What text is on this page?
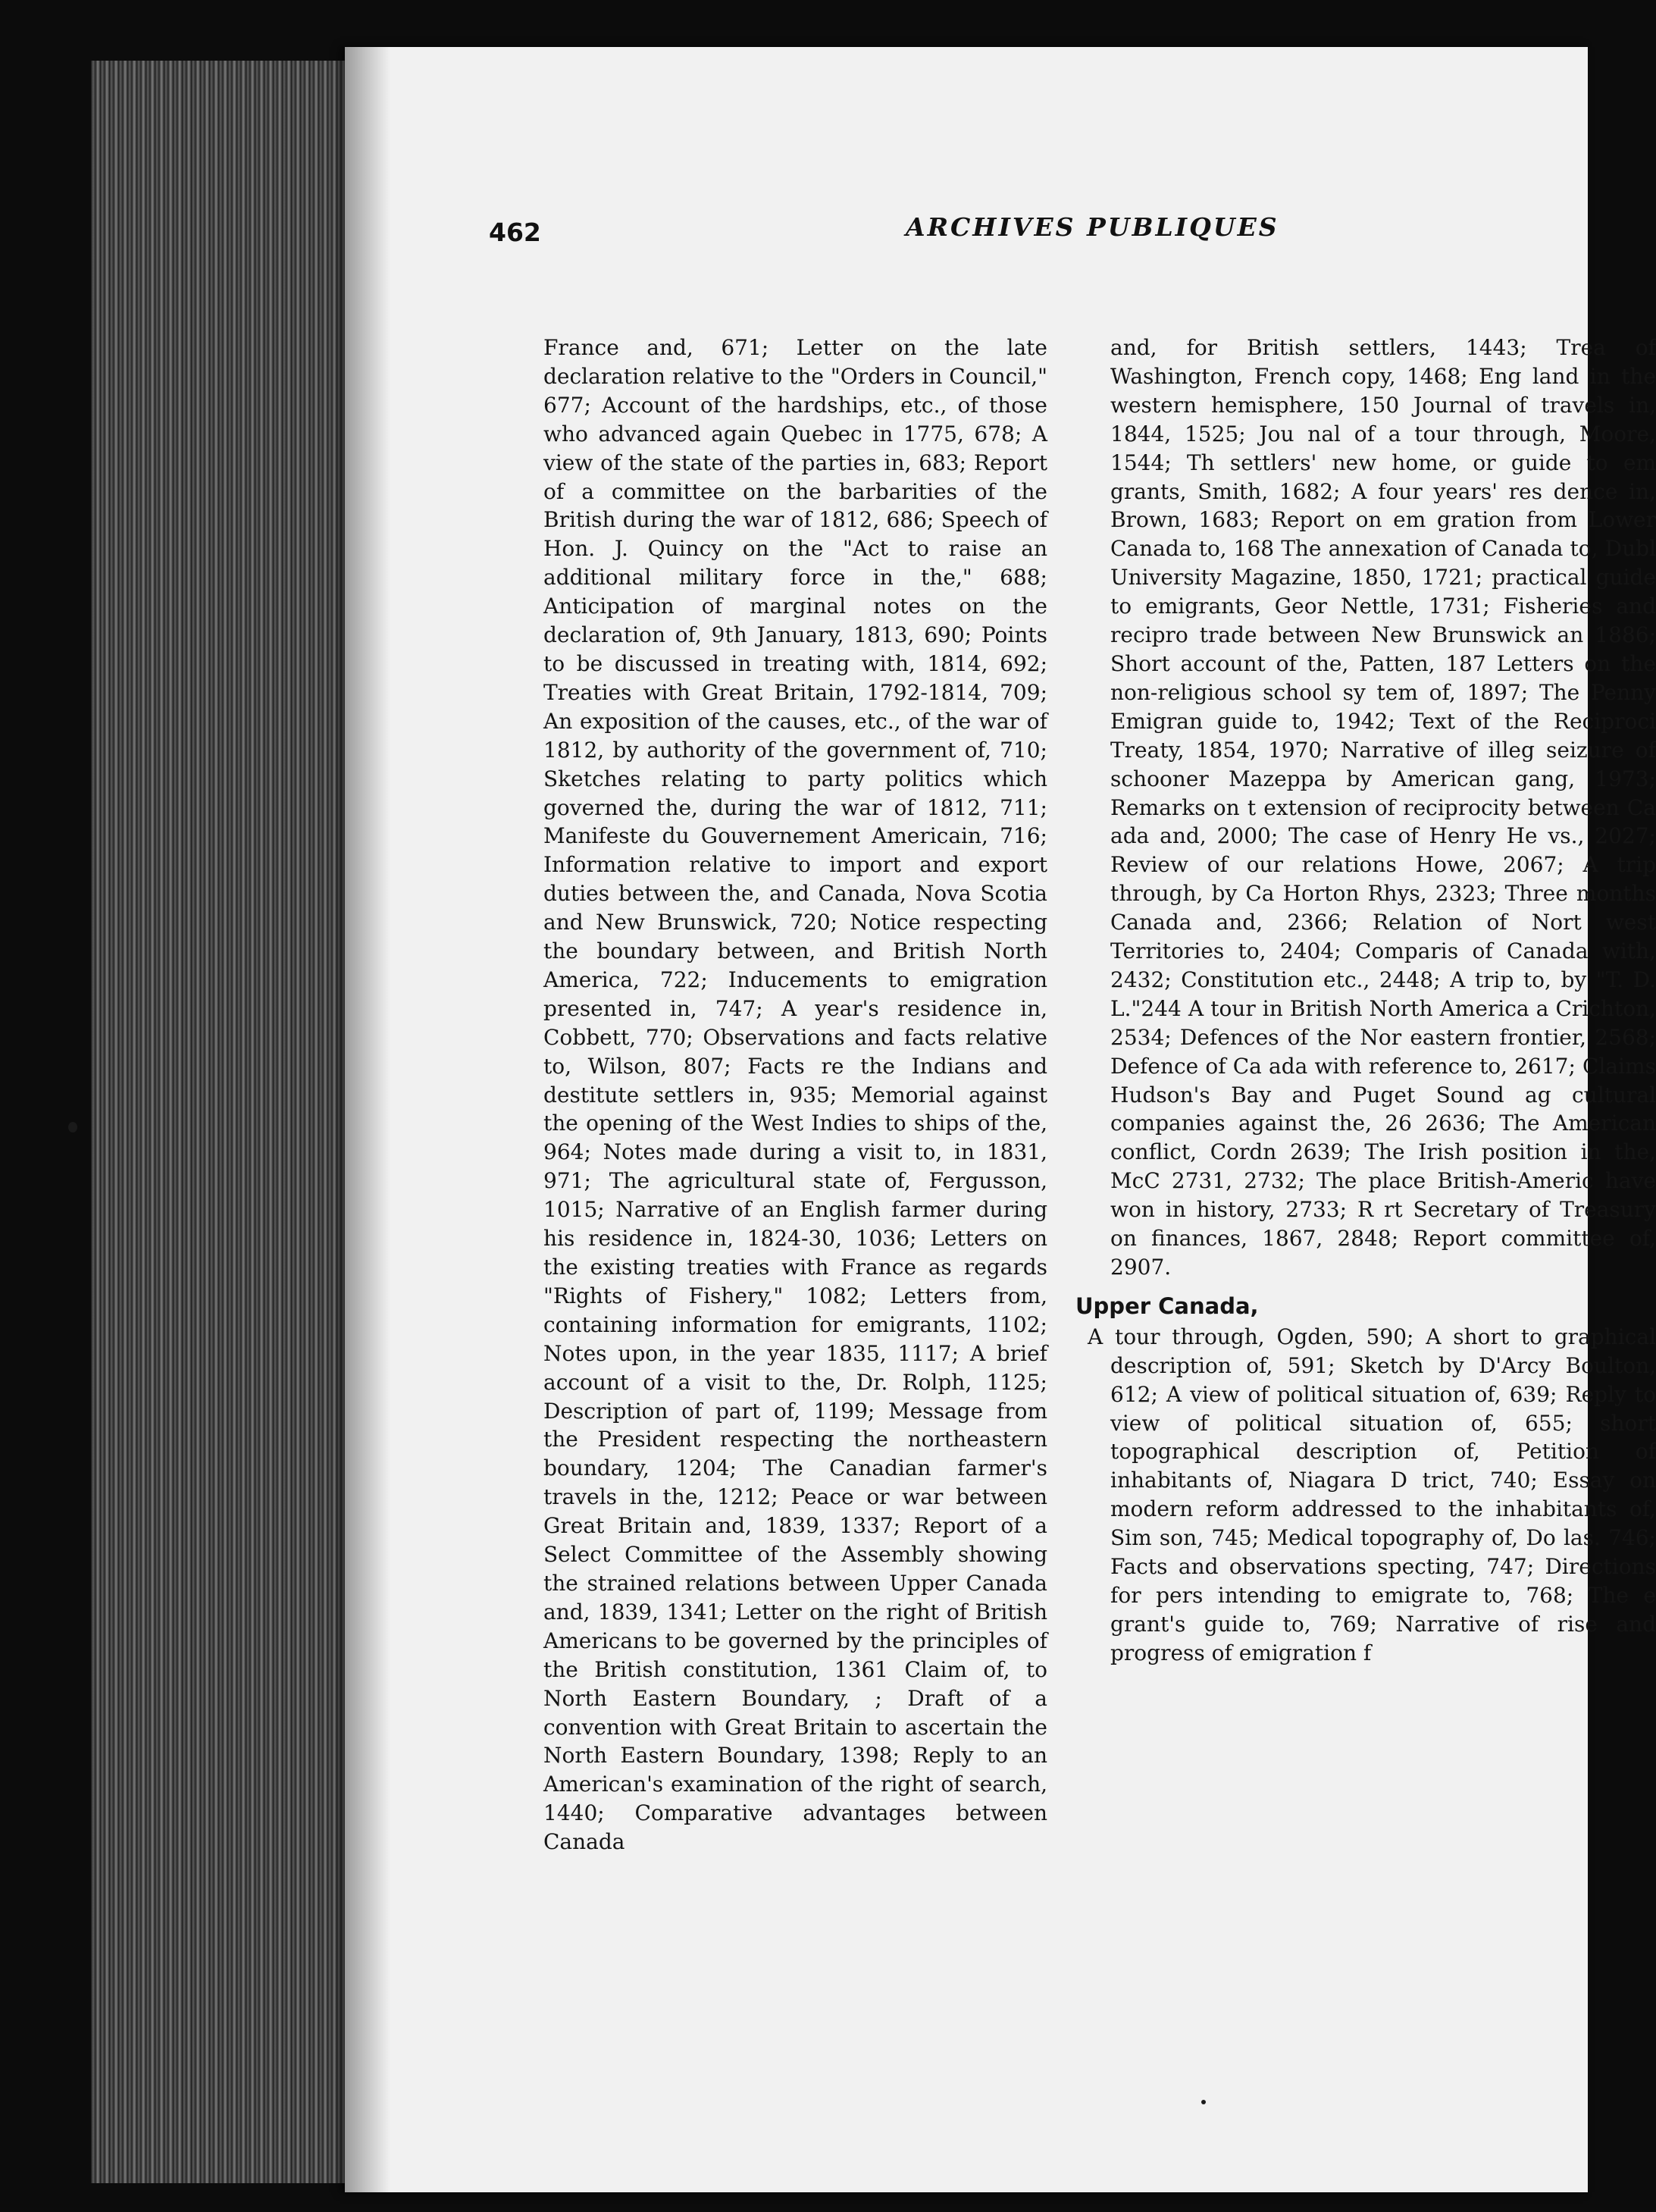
462	ARCHIVES PUBLIQUES

France and, 671; Letter on the late declaration relative to the "Orders in Council," 677; Account of the hardships, etc., of those who advanced again Quebec in 1775, 678; A view of the state of the parties in, 683; Report of a committee on the barbarities of the British during the war of 1812, 686; Speech of Hon. J. Quincy on the "Act to raise an additional military force in the," 688; Anticipation of marginal notes on the declaration of, 9th January, 1813, 690; Points to be discussed in treating with, 1814, 692; Treaties with Great Britain, 1792-1814, 709; An exposition of the causes, etc., of the war of 1812, by authority of the government of, 710; Sketches relating to party politics which governed the, during the war of 1812, 711; Manifeste du Gouvernement Americain, 716; Information relative to import and export duties between the, and Canada, Nova Scotia and New Brunswick, 720; Notice respecting the boundary between, and British North America, 722; Inducements to emigration presented in, 747; A year's residence in, Cobbett, 770; Observations and facts relative to, Wilson, 807; Facts re the Indians and destitute settlers in, 935; Memorial against the opening of the West Indies to ships of the, 964; Notes made during a visit to, in 1831, 971; The agricultural state of, Fergusson, 1015; Narrative of an English farmer during his residence in, 1824-30, 1036; Letters on the existing treaties with France as regards "Rights of Fishery," 1082; Letters from, containing information for emigrants, 1102; Notes upon, in the year 1835, 1117; A brief account of a visit to the, Dr. Rolph, 1125; Description of part of, 1199; Message from the President respecting the northeastern boundary, 1204; The Canadian farmer's travels in the, 1212; Peace or war between Great Britain and, 1839, 1337; Report of a Select Committee of the Assembly showing the strained relations between Upper Canada and, 1839, 1341; Letter on the right of British Americans to be governed by the principles of the British constitution, 1361 Claim of, to North Eastern Boundary, ; Draft of a convention with Great Britain to ascertain the North Eastern Boundary, 1398; Reply to an American's examination of the right of search, 1440; Comparative advantages between Canada

and, for British settlers, 1443; Trea of Washington, French copy, 1468; Eng land in the western hemisphere, 150 Journal of travels in, 1844, 1525; Jou nal of a tour through, Moore, 1544; Th settlers' new home, or guide to em grants, Smith, 1682; A four years' res dence in, Brown, 1683; Report on em gration from Lower Canada to, 168 The annexation of Canada to, Dubl University Magazine, 1850, 1721; practical guide to emigrants, Geor Nettle, 1731; Fisheries and recipro trade between New Brunswick an 1886; Short account of the, Patten, 187 Letters on the non-religious school sy tem of, 1897; The Penny Emigran guide to, 1942; Text of the Reciproci Treaty, 1854, 1970; Narrative of illeg seizure of schooner Mazeppa by American gang, 1973; Remarks on t extension of reciprocity between Ca ada and, 2000; The case of Henry He vs., 2027; Review of our relations Howe, 2067; A trip through, by Ca Horton Rhys, 2323; Three months Canada and, 2366; Relation of Nort west Territories to, 2404; Comparis of Canada with, 2432; Constitution etc., 2448; A trip to, by "T. D. L."244 A tour in British North America a Crichton, 2534; Defences of the Nor eastern frontier, 2568; Defence of Ca ada with reference to, 2617; Claims Hudson's Bay and Puget Sound ag cultural companies against the, 26 2636; The American conflict, Cordn 2639; The Irish position in the, McC 2731, 2732; The place British-Americ have won in history, 2733; R rt Secretary of Treasury on finances, 1867, 2848; Report committee of, 2907.

Upper Canada,

A tour through, Ogden, 590; A short to graphical description of, 591; Sketch by D'Arcy Boulton, 612; A view of political situation of, 639; Reply to view of political situation of, 655; short topographical description of, Petition of inhabitants of, Niagara D trict, 740; Essay on modern reform addressed to the inhabitants of, Sim son, 745; Medical topography of, Do las. 746; Facts and observations specting, 747; Directions for pers intending to emigrate to, 768; The e grant's guide to, 769; Narrative of rise and progress of emigration f
